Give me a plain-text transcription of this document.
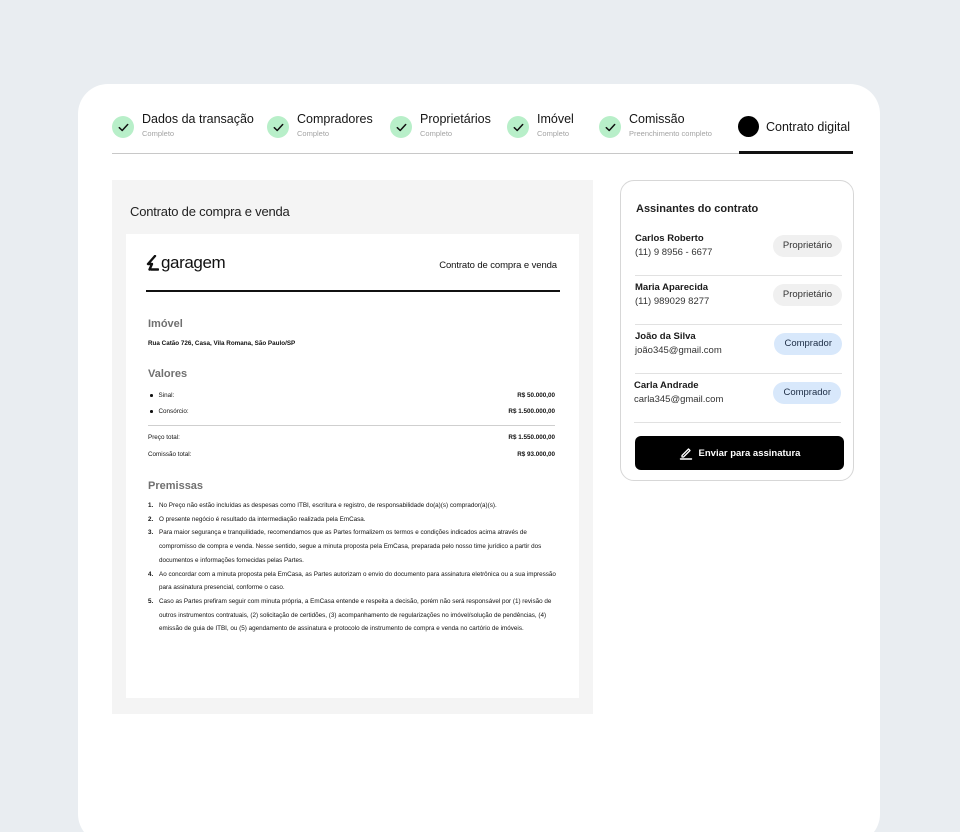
Dados da transação
Completo
Compradores
Completo
Proprietários
Completo
Imóvel
Completo
Comissão
Preenchimento completo	Contrato digital
Contrato de compra e venda
garagem	Contrato de compra e venda
Imóvel
Rua Catão 726, Casa, Vila Romana, São Paulo/SP
Valores
Sinal:	R$ 50.000,00
Consórcio:	R$ 1.500.000,00
Preço total:	R$ 1.550.000,00
Comissão total:	R$ 93.000,00
Premissas
1. No Preço não estão incluídas as despesas como ITBI, escritura e registro, de responsabilidade do(a)(s) comprador(a)(s).
2. O presente negócio é resultado da intermediação realizada pela EmCasa.
3. Para maior segurança e tranquilidade, recomendamos que as Partes formalizem os termos e condições indicados acima através de compromisso de compra e venda. Nesse sentido, segue a minuta proposta pela EmCasa, preparada pelo nosso time jurídico a partir dos documentos e informações fornecidas pelas Partes.
4. Ao concordar com a minuta proposta pela EmCasa, as Partes autorizam o envio do documento para assinatura eletrônica ou a sua impressão para assinatura presencial, conforme o caso.
5. Caso as Partes prefiram seguir com minuta própria, a EmCasa entende e respeita a decisão, porém não será responsável por (1) revisão de outros instrumentos contratuais, (2) solicitação de certidões, (3) acompanhamento de regularizações no imóvel/solução de pendências, (4) emissão de guia de ITBI, ou (5) agendamento de assinatura e protocolo de instrumento de compra e venda no cartório de imóveis.
Assinantes do contrato
Carlos Roberto
(11) 9 8956 - 6677
Proprietário
Maria Aparecida
(11) 989029 8277
Proprietário
João da Silva
joão345@gmail.com
Comprador
Carla Andrade
carla345@gmail.com
Comprador
Enviar para assinatura
